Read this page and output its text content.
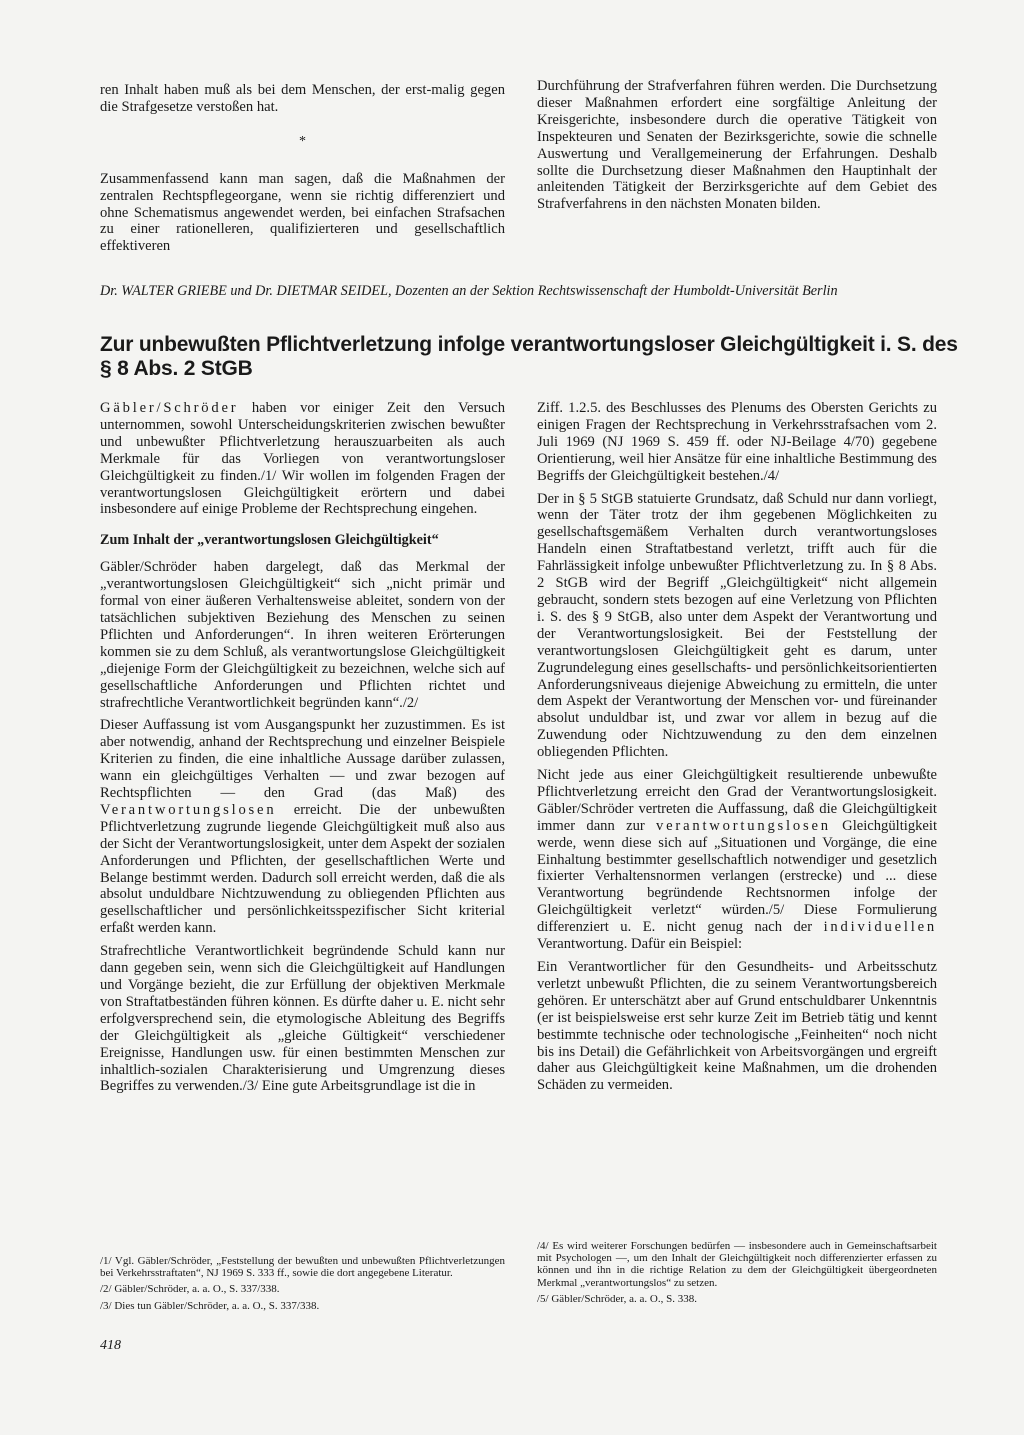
ren Inhalt haben muß als bei dem Menschen, der erst-malig gegen die Strafgesetze verstoßen hat.

*

Zusammenfassend kann man sagen, daß die Maßnahmen der zentralen Rechtspflegeorgane, wenn sie richtig differenziert und ohne Schematismus angewendet werden, bei einfachen Strafsachen zu einer rationelleren, qualifizierteren und gesellschaftlich effektiveren

Durchführung der Strafverfahren führen werden. Die Durchsetzung dieser Maßnahmen erfordert eine sorgfältige Anleitung der Kreisgerichte, insbesondere durch die operative Tätigkeit von Inspekteuren und Senaten der Bezirksgerichte, sowie die schnelle Auswertung und Verallgemeinerung der Erfahrungen. Deshalb sollte die Durchsetzung dieser Maßnahmen den Hauptinhalt der anleitenden Tätigkeit der Berzirksgerichte auf dem Gebiet des Strafverfahrens in den nächsten Monaten bilden.

Dr. WALTER GRIEBE und Dr. DIETMAR SEIDEL, Dozenten an der Sektion Rechtswissenschaft der Humboldt-Universität Berlin
Zur unbewußten Pflichtverletzung infolge verantwortungsloser Gleichgültigkeit i. S. des § 8 Abs. 2 StGB

Gäbler/Schröder haben vor einiger Zeit den Versuch unternommen, sowohl Unterscheidungskriterien zwischen bewußter und unbewußter Pflichtverletzung herauszuarbeiten als auch Merkmale für das Vorliegen von verantwortungsloser Gleichgültigkeit zu finden./1/ Wir wollen im folgenden Fragen der verantwortungslosen Gleichgültigkeit erörtern und dabei insbesondere auf einige Probleme der Rechtsprechung eingehen.

Zum Inhalt der „verantwortungslosen Gleichgültigkeit“

Gäbler/Schröder haben dargelegt, daß das Merkmal der „verantwortungslosen Gleichgültigkeit“ sich „nicht primär und formal von einer äußeren Verhaltensweise ableitet, sondern von der tatsächlichen subjektiven Beziehung des Menschen zu seinen Pflichten und Anforderungen“. In ihren weiteren Erörterungen kommen sie zu dem Schluß, als verantwortungslose Gleichgültigkeit „diejenige Form der Gleichgültigkeit zu bezeichnen, welche sich auf gesellschaftliche Anforderungen und Pflichten richtet und strafrechtliche Verantwortlichkeit begründen kann“./2/

Dieser Auffassung ist vom Ausgangspunkt her zuzustimmen. Es ist aber notwendig, anhand der Rechtsprechung und einzelner Beispiele Kriterien zu finden, die eine inhaltliche Aussage darüber zulassen, wann ein gleichgültiges Verhalten — und zwar bezogen auf Rechtspflichten — den Grad (das Maß) des Verantwortungslosen erreicht. Die der unbewußten Pflichtverletzung zugrunde liegende Gleichgültigkeit muß also aus der Sicht der Verantwortungslosigkeit, unter dem Aspekt der sozialen Anforderungen und Pflichten, der gesellschaftlichen Werte und Belange bestimmt werden. Dadurch soll erreicht werden, daß die als absolut unduldbare Nichtzuwendung zu obliegenden Pflichten aus gesellschaftlicher und persönlichkeitsspezifischer Sicht kriterial erfaßt werden kann.

Strafrechtliche Verantwortlichkeit begründende Schuld kann nur dann gegeben sein, wenn sich die Gleichgültigkeit auf Handlungen und Vorgänge bezieht, die zur Erfüllung der objektiven Merkmale von Straftatbeständen führen können. Es dürfte daher u. E. nicht sehr erfolgversprechend sein, die etymologische Ableitung des Begriffs der Gleichgültigkeit als „gleiche Gültigkeit“ verschiedener Ereignisse, Handlungen usw. für einen bestimmten Menschen zur inhaltlich-sozialen Charakterisierung und Umgrenzung dieses Begriffes zu verwenden./3/ Eine gute Arbeitsgrundlage ist die in

Ziff. 1.2.5. des Beschlusses des Plenums des Obersten Gerichts zu einigen Fragen der Rechtsprechung in Verkehrsstrafsachen vom 2. Juli 1969 (NJ 1969 S. 459 ff. oder NJ-Beilage 4/70) gegebene Orientierung, weil hier Ansätze für eine inhaltliche Bestimmung des Begriffs der Gleichgültigkeit bestehen./4/

Der in § 5 StGB statuierte Grundsatz, daß Schuld nur dann vorliegt, wenn der Täter trotz der ihm gegebenen Möglichkeiten zu gesellschaftsgemäßem Verhalten durch verantwortungsloses Handeln einen Straftatbestand verletzt, trifft auch für die Fahrlässigkeit infolge unbewußter Pflichtverletzung zu. In § 8 Abs. 2 StGB wird der Begriff „Gleichgültigkeit“ nicht allgemein gebraucht, sondern stets bezogen auf eine Verletzung von Pflichten i. S. des § 9 StGB, also unter dem Aspekt der Verantwortung und der Verantwortungslosigkeit. Bei der Feststellung der verantwortungslosen Gleichgültigkeit geht es darum, unter Zugrundelegung eines gesellschafts- und persönlichkeitsorientierten Anforderungsniveaus diejenige Abweichung zu ermitteln, die unter dem Aspekt der Verantwortung der Menschen vor- und füreinander absolut unduldbar ist, und zwar vor allem in bezug auf die Zuwendung oder Nichtzuwendung zu den dem einzelnen obliegenden Pflichten.

Nicht jede aus einer Gleichgültigkeit resultierende unbewußte Pflichtverletzung erreicht den Grad der Verantwortungslosigkeit. Gäbler/Schröder vertreten die Auffassung, daß die Gleichgültigkeit immer dann zur verantwortungslosen Gleichgültigkeit werde, wenn diese sich auf „Situationen und Vorgänge, die eine Einhaltung bestimmter gesellschaftlich notwendiger und gesetzlich fixierter Verhaltensnormen verlangen (erstrecke) und ... diese Verantwortung begründende Rechtsnormen infolge der Gleichgültigkeit verletzt“ würden./5/ Diese Formulierung differenziert u. E. nicht genug nach der individuellen Verantwortung. Dafür ein Beispiel:

Ein Verantwortlicher für den Gesundheits- und Arbeitsschutz verletzt unbewußt Pflichten, die zu seinem Verantwortungsbereich gehören. Er unterschätzt aber auf Grund entschuldbarer Unkenntnis (er ist beispielsweise erst sehr kurze Zeit im Betrieb tätig und kennt bestimmte technische oder technologische „Feinheiten“ noch nicht bis ins Detail) die Gefährlichkeit von Arbeitsvorgängen und ergreift daher aus Gleichgültigkeit keine Maßnahmen, um die drohenden Schäden zu vermeiden.

/1/ Vgl. Gäbler/Schröder, „Feststellung der bewußten und unbewußten Pflichtverletzungen bei Verkehrsstraftaten“, NJ 1969 S. 333 ff., sowie die dort angegebene Literatur.

/2/ Gäbler/Schröder, a. a. O., S. 337/338.

/3/ Dies tun Gäbler/Schröder, a. a. O., S. 337/338.

/4/ Es wird weiterer Forschungen bedürfen — insbesondere auch in Gemeinschaftsarbeit mit Psychologen —, um den Inhalt der Gleichgültigkeit noch differenzierter erfassen zu können und ihn in die richtige Relation zu dem der Gleichgültigkeit übergeordneten Merkmal „verantwortungslos“ zu setzen.

/5/ Gäbler/Schröder, a. a. O., S. 338.

418
